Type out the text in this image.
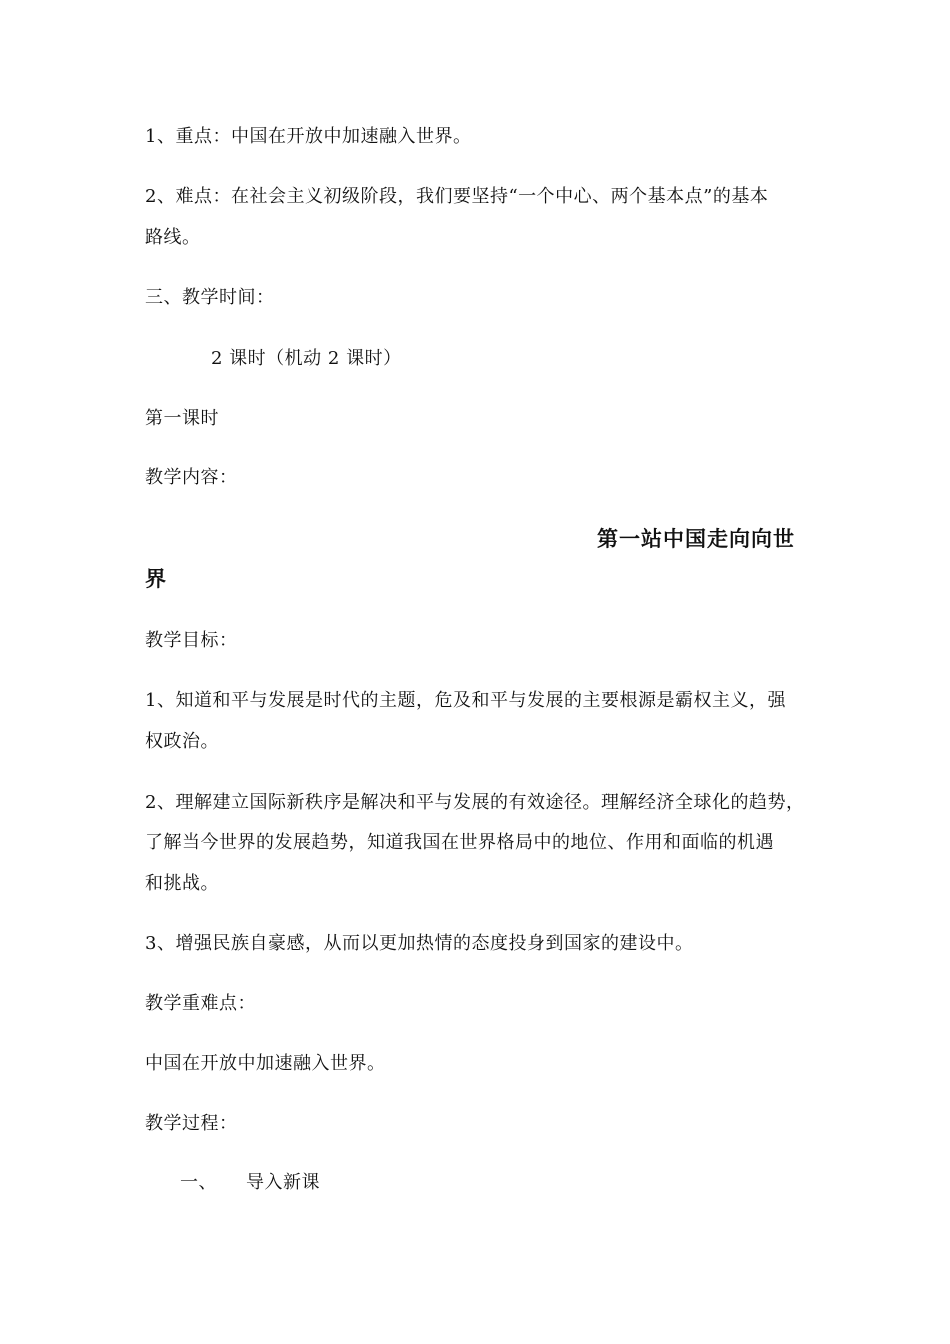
1、重点：中国在开放中加速融入世界。
2、难点：在社会主义初级阶段，我们要坚持“一个中心、两个基本点”的基本
路线。
三、教学时间：
2 课时（机动 2 课时）
第一课时
教学内容：
第一站中国走向向世
界
教学目标：
1、知道和平与发展是时代的主题，危及和平与发展的主要根源是霸权主义，强
权政治。
2、理解建立国际新秩序是解决和平与发展的有效途径。理解经济全球化的趋势，
了解当今世界的发展趋势，知道我国在世界格局中的地位、作用和面临的机遇
和挑战。
3、增强民族自豪感，从而以更加热情的态度投身到国家的建设中。
教学重难点：
中国在开放中加速融入世界。
教学过程：
一、 导入新课
